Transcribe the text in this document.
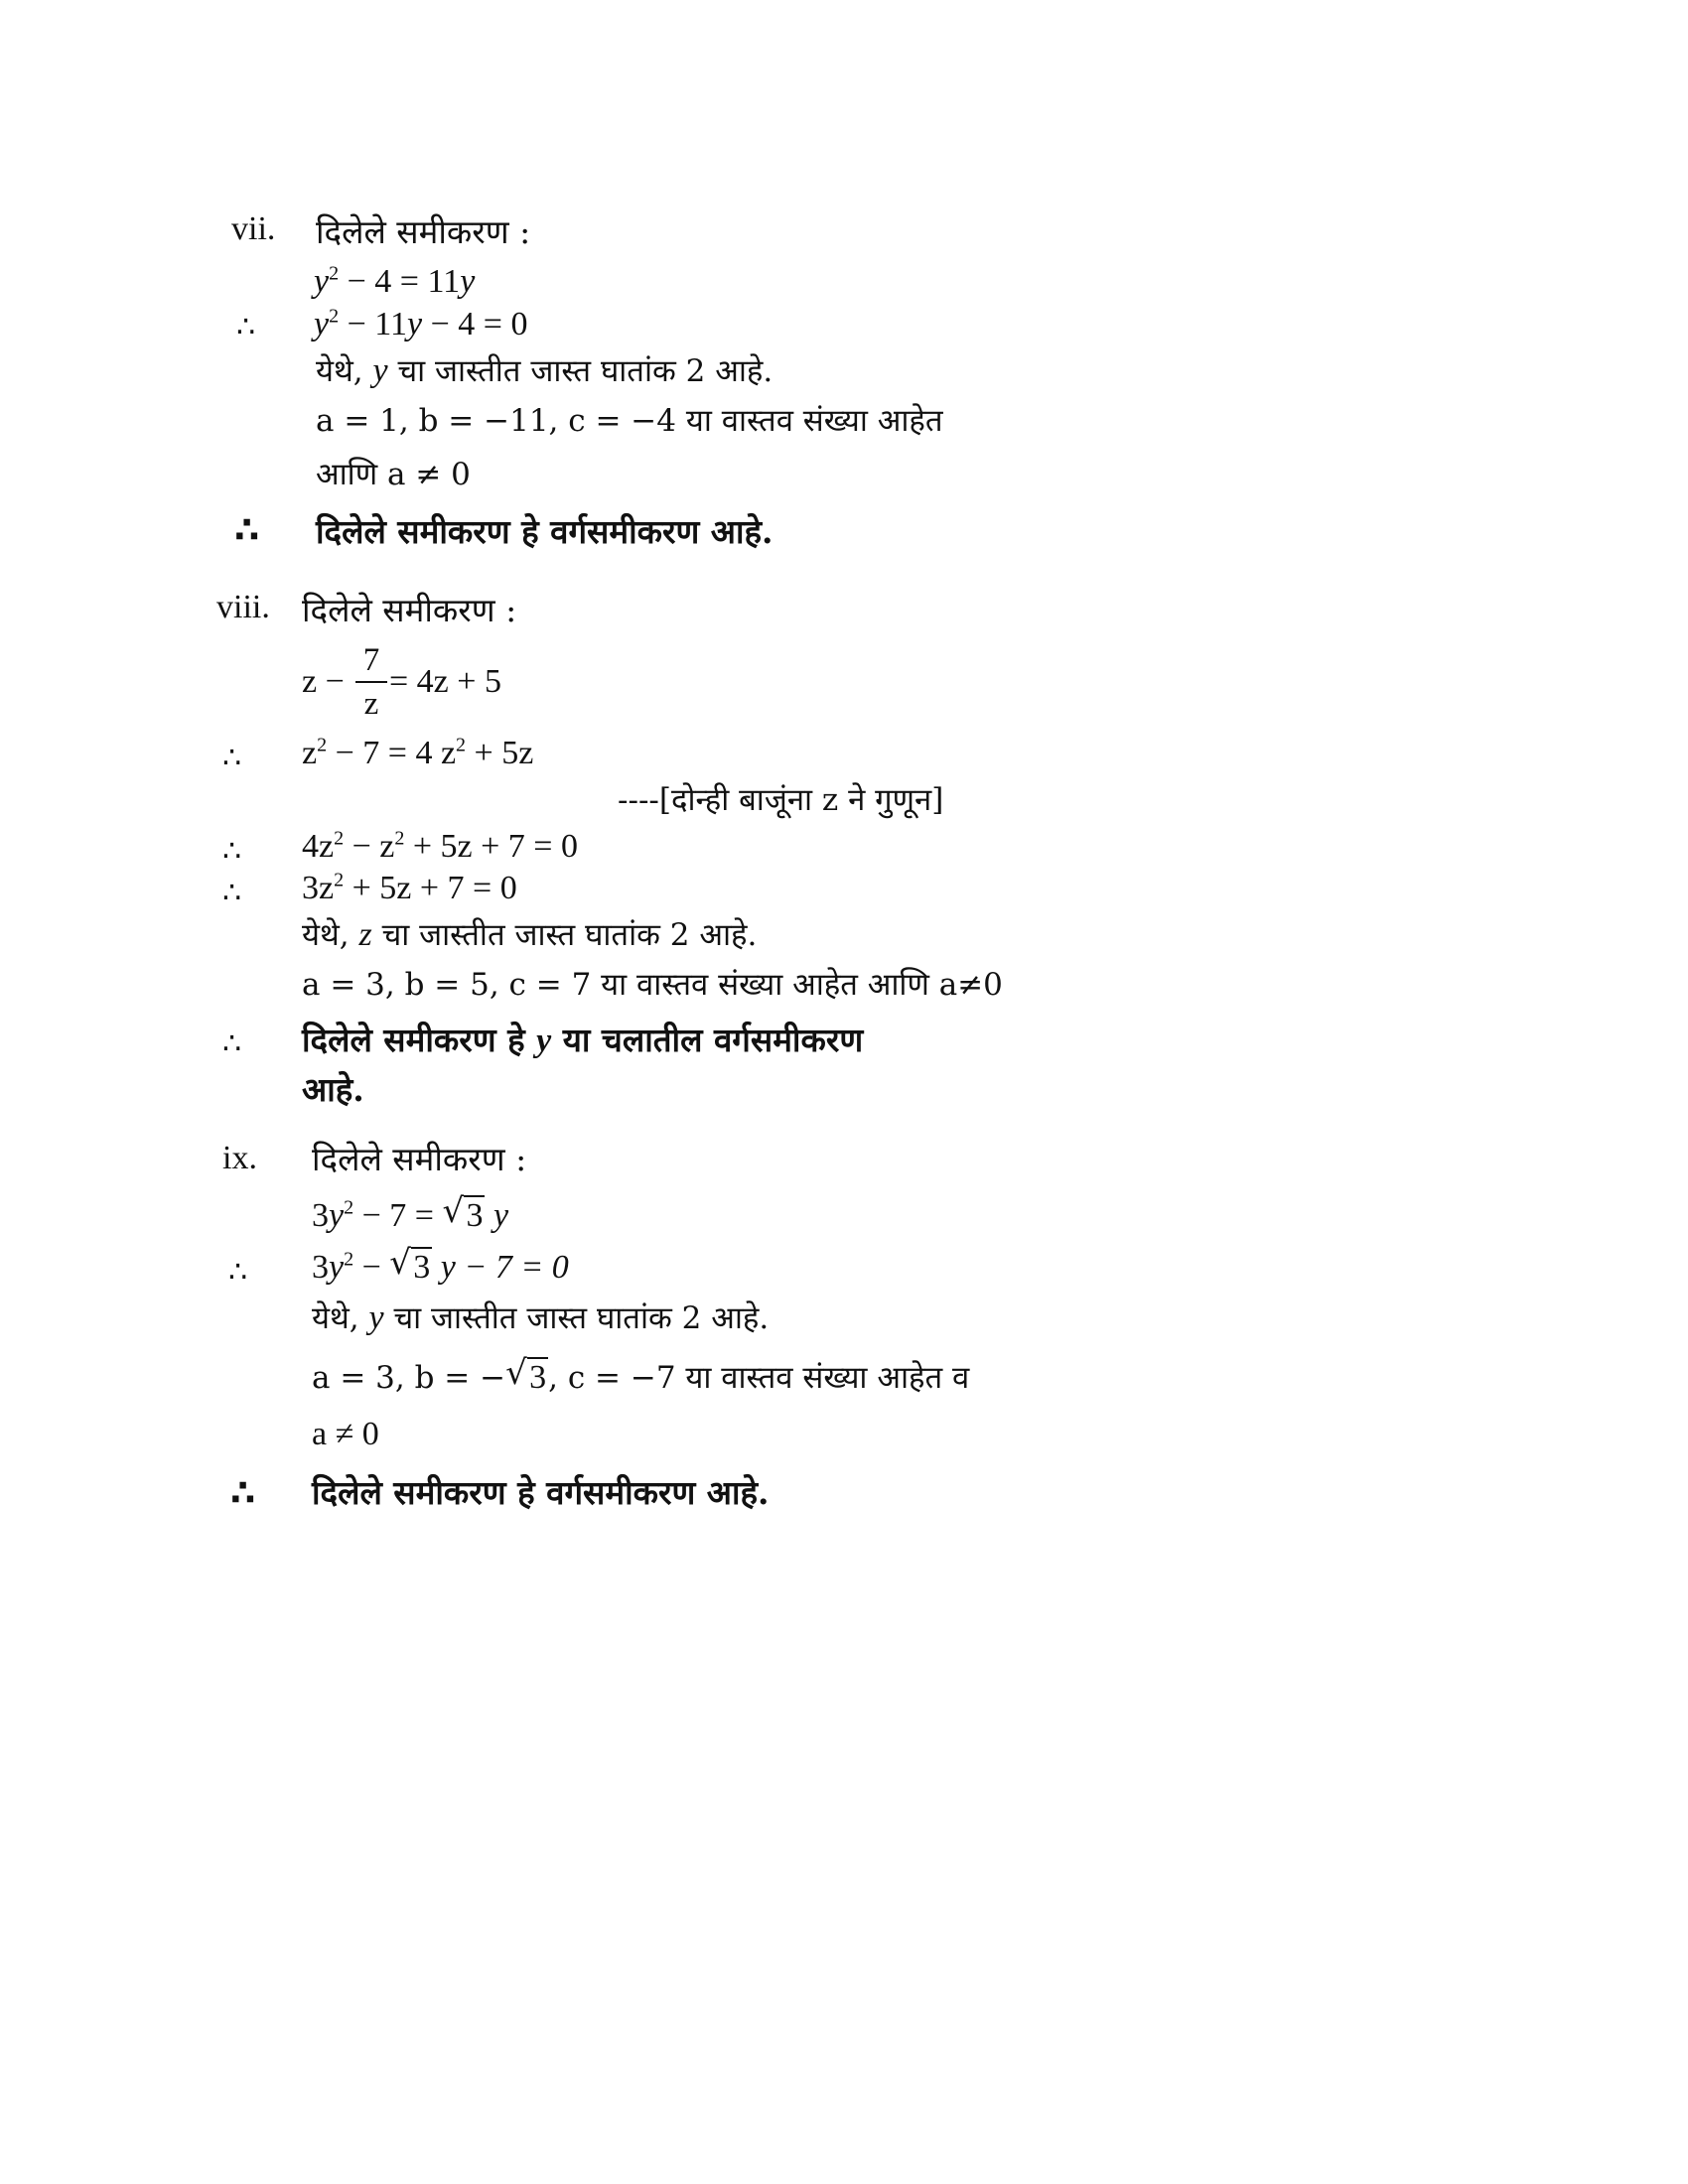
vii. दिलेले समीकरण :
$y^2 - 4 = 11y$
∴ $y^2 - 11y - 4 = 0$
येथे, y चा जास्तीत जास्त घातांक 2 आहे.
a = 1, b = −11, c = −4 या वास्तव संख्या आहेत
आणि a ≠ 0
∴ दिलेले समीकरण हे वर्गसमीकरण आहे.
viii. दिलेले समीकरण :
z −
7
z
= 4z + 5
∴ $z^2 - 7 = 4$ $z^2 + 5z$
----[दोन्ही बाजूंना z ने गुणून]
∴ $4z^2 - z^2 + 5z + 7 = 0$
∴ $3z^2 + 5z + 7 = 0$
येथे, z चा जास्तीत जास्त घातांक 2 आहे.
a = 3, b = 5, c = 7 या वास्तव संख्या आहेत आणि a≠0
∴ दिलेले समीकरण हे y या चलातील वर्गसमीकरण
आहे.
ix. दिलेले समीकरण :
$3y^2 - 7$ = √ 3 y
∴ $3y^2$ − √ 3 y − 7 = 0
येथे, y चा जास्तीत जास्त घातांक 2 आहे.
a = 3, b = − √ 3, c = −7 या वास्तव संख्या आहेत व
a ≠ 0
∴ दिलेले समीकरण हे वर्गसमीकरण आहे.
